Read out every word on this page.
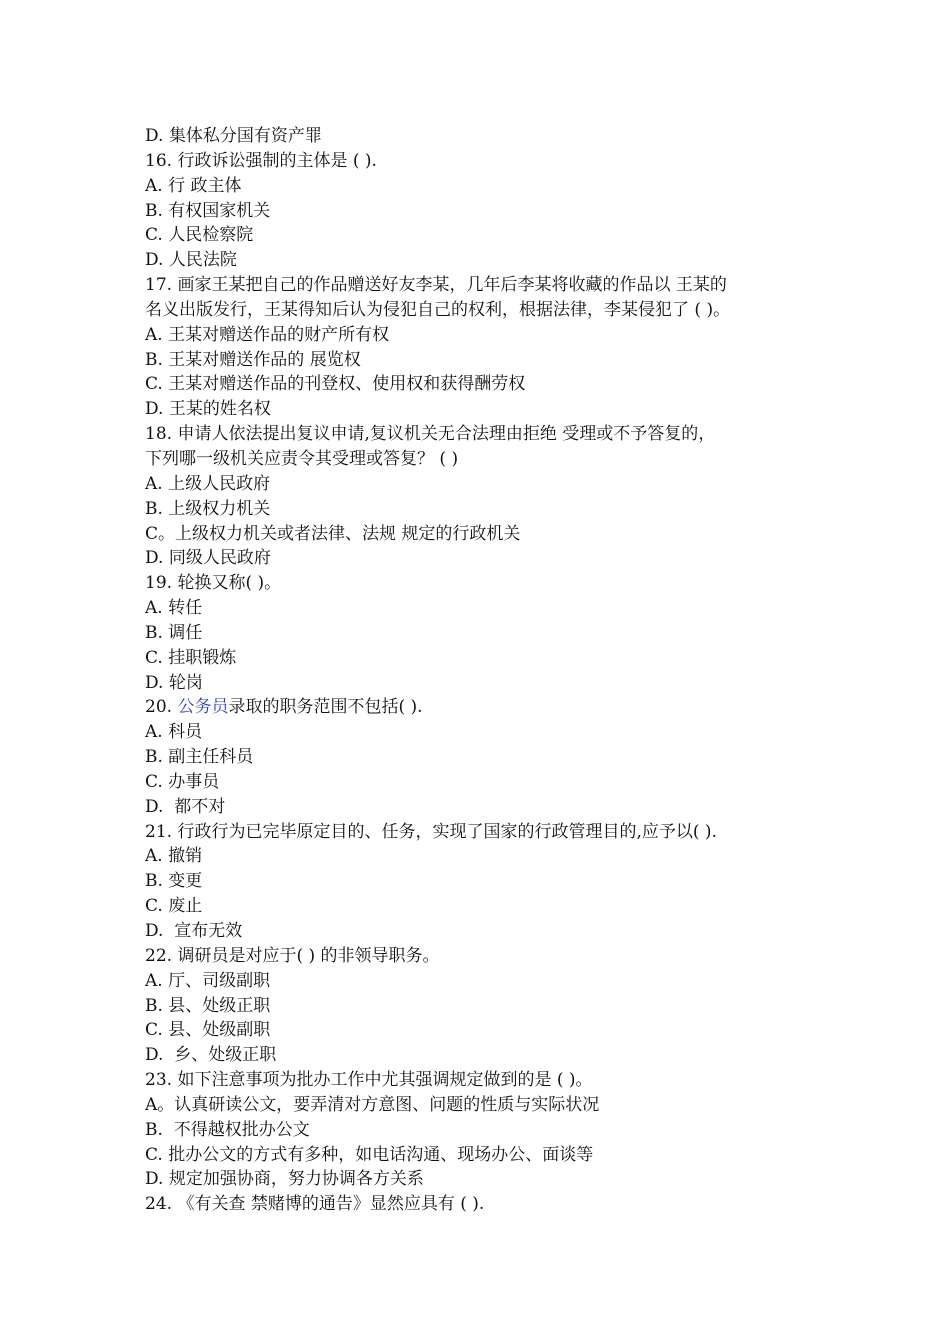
D. 集体私分国有资产罪
16. 行政诉讼强制的主体是 ( ).
A. 行 政主体
B. 有权国家机关
C. 人民检察院
D. 人民法院
17. 画家王某把自己的作品赠送好友李某，几年后李某将收藏的作品以 王某的
名义出版发行，王某得知后认为侵犯自己的权利，根据法律，李某侵犯了 ( )。
A. 王某对赠送作品的财产所有权
B. 王某对赠送作品的 展览权
C. 王某对赠送作品的刊登权、使用权和获得酬劳权
D. 王某的姓名权
18. 申请人依法提出复议申请,复议机关无合法理由拒绝 受理或不予答复的，
下列哪一级机关应责令其受理或答复？ ( )
A. 上级人民政府
B. 上级权力机关
C。上级权力机关或者法律、法规 规定的行政机关
D. 同级人民政府
19. 轮换又称( )。
A. 转任
B. 调任
C. 挂职锻炼
D. 轮岗
20. 公务员录取的职务范围不包括( ).
A. 科员
B. 副主任科员
C. 办事员
D.  都不对
21. 行政行为已完毕原定目的、任务，实现了国家的行政管理目的,应予以( ).
A. 撤销
B. 变更
C. 废止
D.  宣布无效
22. 调研员是对应于( ) 的非领导职务。
A. 厅、司级副职
B. 县、处级正职
C. 县、处级副职
D.  乡、处级正职
23. 如下注意事项为批办工作中尤其强调规定做到的是 ( )。
A。认真研读公文，要弄清对方意图、问题的性质与实际状况
B.  不得越权批办公文
C. 批办公文的方式有多种，如电话沟通、现场办公、面谈等
D. 规定加强协商，努力协调各方关系
24. 《有关查 禁赌博的通告》显然应具有 ( ).
